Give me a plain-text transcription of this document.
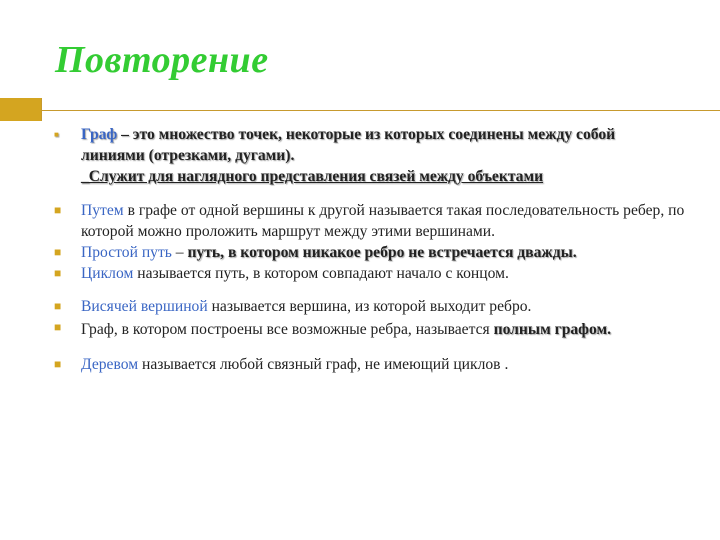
Повторение
■ Граф – это множество точек, некоторые из которых соединены между собой
линиями (отрезками, дугами).
_Служит для наглядного представления связей между объектами
■ Путем в графе от одной вершины к другой называется такая последовательность ребер, по которой можно проложить маршрут между этими вершинами.
■ Простой путь – путь, в котором никакое ребро не встречается дважды.
■ Циклом называется путь, в котором совпадают начало с концом.
■ Висячей вершиной называется вершина, из которой выходит ребро.
■ Граф, в котором построены все возможные ребра, называется полным графом.
■ Деревом называется любой связный граф, не имеющий циклов .
